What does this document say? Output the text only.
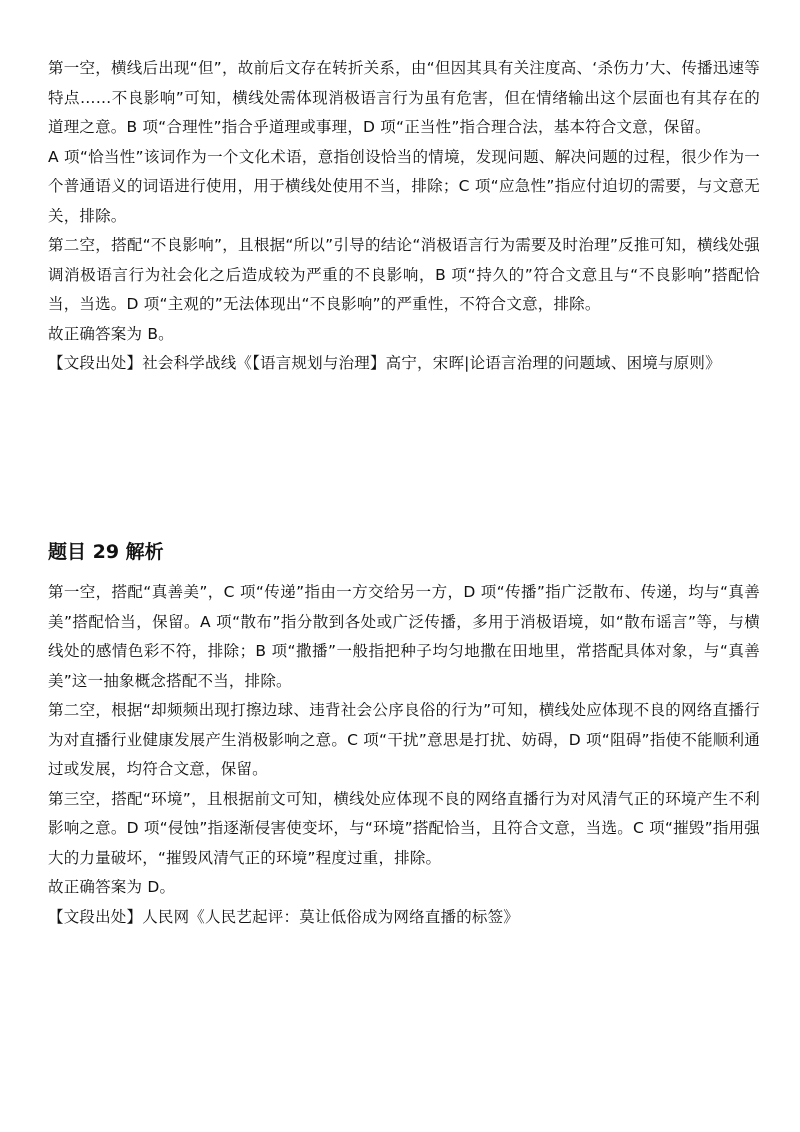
第一空，横线后出现“但”，故前后文存在转折关系，由“但因其具有关注度高、‘杀伤力’大、传播迅速等特点……不良影响”可知，横线处需体现消极语言行为虽有危害，但在情绪输出这个层面也有其存在的道理之意。B 项“合理性”指合乎道理或事理，D 项“正当性”指合理合法，基本符合文意，保留。

A 项“恰当性”该词作为一个文化术语，意指创设恰当的情境，发现问题、解决问题的过程，很少作为一个普通语义的词语进行使用，用于横线处使用不当，排除；C 项“应急性”指应付迫切的需要，与文意无关，排除。

第二空，搭配“不良影响”，且根据“所以”引导的结论“消极语言行为需要及时治理”反推可知，横线处强调消极语言行为社会化之后造成较为严重的不良影响，B 项“持久的”符合文意且与“不良影响”搭配恰当，当选。D 项“主观的”无法体现出“不良影响”的严重性，不符合文意，排除。

故正确答案为 B。

【文段出处】社会科学战线《【语言规划与治理】高宁，宋晖|论语言治理的问题域、困境与原则》

题目 29 解析

第一空，搭配“真善美”，C 项“传递”指由一方交给另一方，D 项“传播”指广泛散布、传递，均与“真善美”搭配恰当，保留。A 项“散布”指分散到各处或广泛传播，多用于消极语境，如“散布谣言”等，与横线处的感情色彩不符，排除；B 项“撒播”一般指把种子均匀地撒在田地里，常搭配具体对象，与“真善美”这一抽象概念搭配不当，排除。

第二空，根据“却频频出现打擦边球、违背社会公序良俗的行为”可知，横线处应体现不良的网络直播行为对直播行业健康发展产生消极影响之意。C 项“干扰”意思是打扰、妨碍，D 项“阻碍”指使不能顺利通过或发展，均符合文意，保留。

第三空，搭配“环境”，且根据前文可知，横线处应体现不良的网络直播行为对风清气正的环境产生不利影响之意。D 项“侵蚀”指逐渐侵害使变坏，与“环境”搭配恰当，且符合文意，当选。C 项“摧毁”指用强大的力量破坏，“摧毁风清气正的环境”程度过重，排除。

故正确答案为 D。

【文段出处】人民网《人民艺起评：莫让低俗成为网络直播的标签》
